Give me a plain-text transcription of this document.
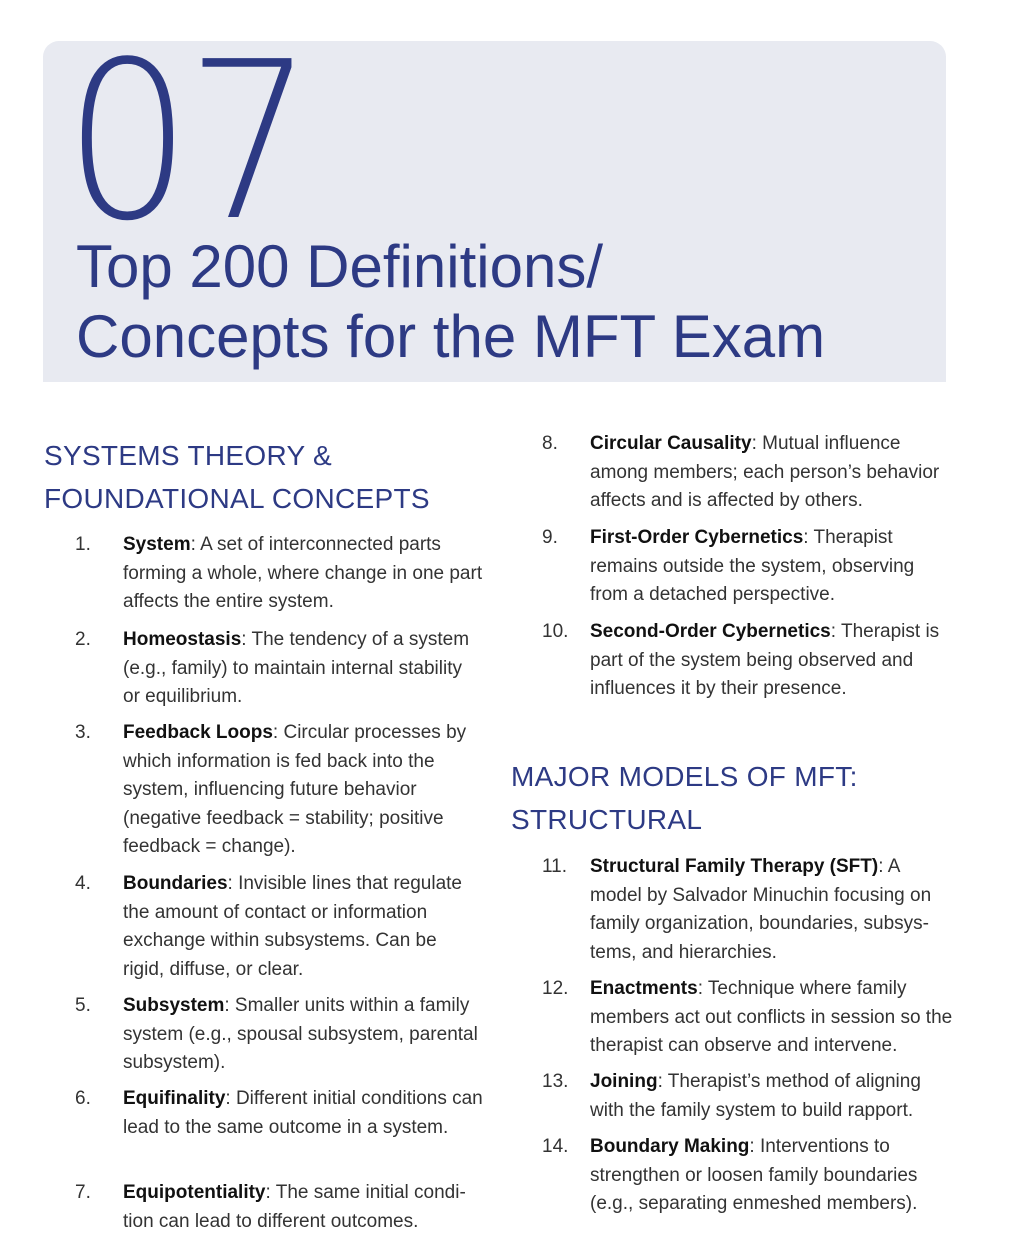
07
Top 200 Definitions/
Concepts for the MFT Exam
SYSTEMS THEORY &
FOUNDATIONAL CONCEPTS
1.	System: A set of interconnected parts forming a whole, where change in one part affects the entire system.
2.	Homeostasis: The tendency of a system (e.g., family) to maintain internal stability or equilibrium.
3.	Feedback Loops: Circular processes by which information is fed back into the system, influencing future behavior (negative feedback = stability; positive feedback = change).
4.	Boundaries: Invisible lines that regulate the amount of contact or information exchange within subsystems. Can be rigid, diffuse, or clear.
5.	Subsystem: Smaller units within a family system (e.g., spousal subsystem, parental subsystem).
6.	Equifinality: Different initial conditions can lead to the same outcome in a system.
7.	Equipotentiality: The same initial condi-tion can lead to different outcomes.
8.	Circular Causality: Mutual influence among members; each person’s behavior affects and is affected by others.
9.	First-Order Cybernetics: Therapist remains outside the system, observing from a detached perspective.
10.	Second-Order Cybernetics: Therapist is part of the system being observed and influences it by their presence.
MAJOR MODELS OF MFT:
STRUCTURAL
11.	Structural Family Therapy (SFT): A model by Salvador Minuchin focusing on family organization, boundaries, subsys-tems, and hierarchies.
12.	Enactments: Technique where family members act out conflicts in session so the therapist can observe and intervene.
13.	Joining: Therapist’s method of aligning with the family system to build rapport.
14.	Boundary Making: Interventions to strengthen or loosen family boundaries (e.g., separating enmeshed members).
